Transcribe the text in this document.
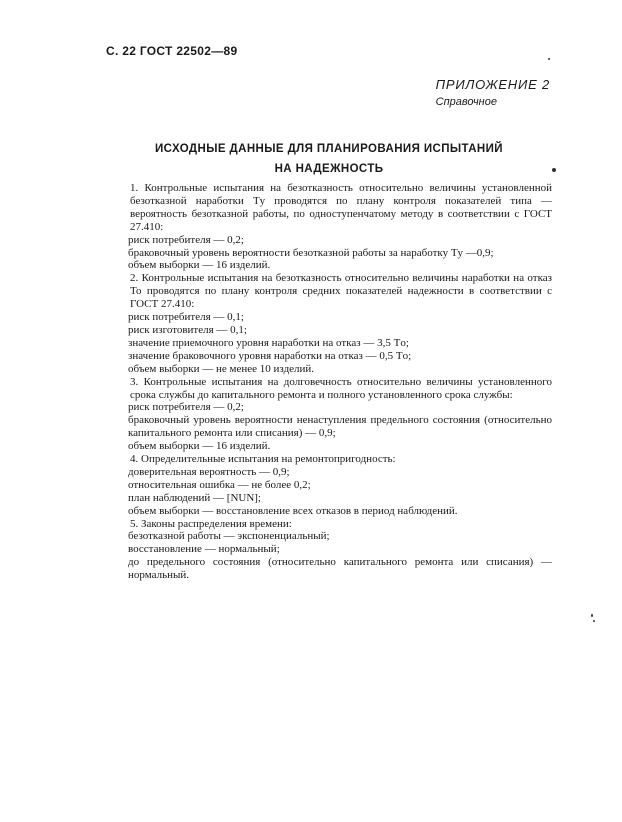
С. 22 ГОСТ 22502—89
ПРИЛОЖЕНИЕ 2
Справочное
ИСХОДНЫЕ ДАННЫЕ ДЛЯ ПЛАНИРОВАНИЯ ИСПЫТАНИЙ
НА НАДЕЖНОСТЬ

1. Контрольные испытания на безотказность относительно величины установленной безотказной наработки Tу проводятся по плану контроля показателей типа — вероятность безотказной работы, по одноступенчатому методу в соответствии с ГОСТ 27.410:

риск потребителя — 0,2;

браковочный уровень вероятности безотказной работы за наработку Tу —0,9;

объем выборки — 16 изделий.

2. Контрольные испытания на безотказность относительно величины наработки на отказ To проводятся по плану контроля средних показателей надежности в соответствии с ГОСТ 27.410:

риск потребителя — 0,1;

риск изготовителя — 0,1;

значение приемочного уровня наработки на отказ — 3,5 Tо;

значение браковочного уровня наработки на отказ — 0,5 Tо;

объем выборки — не менее 10 изделий.

3. Контрольные испытания на долговечность относительно величины установленного срока службы до капитального ремонта и полного установленного срока службы:

риск потребителя — 0,2;

браковочный уровень вероятности ненаступления предельного состояния (относительно капитального ремонта или списания) — 0,9;

объем выборки — 16 изделий.

4. Определительные испытания на ремонтопригодность:

доверительная вероятность — 0,9;

относительная ошибка — не более 0,2;

план наблюдений — [NUN];

объем выборки — восстановление всех отказов в период наблюдений.

5. Законы распределения времени:

безотказной работы — экспоненциальный;

восстановление — нормальный;

до предельного состояния (относительно капитального ремонта или списания) — нормальный.
